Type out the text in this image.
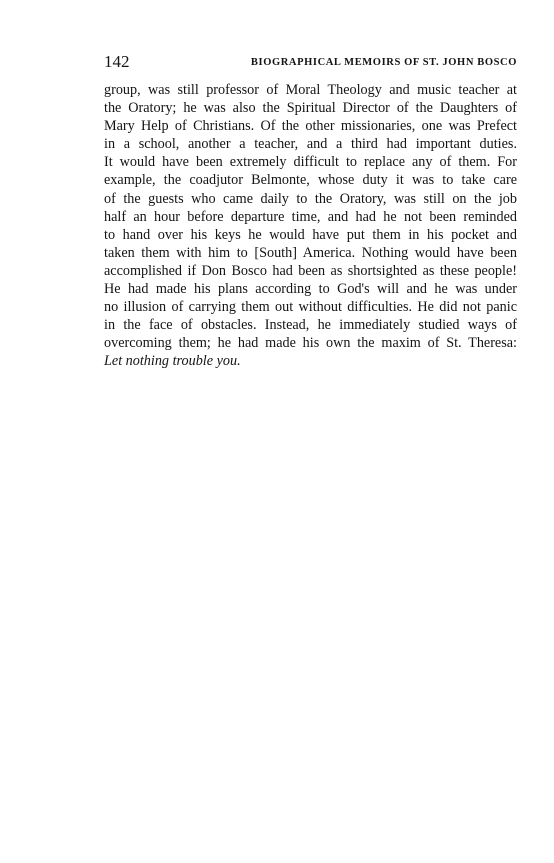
142	BIOGRAPHICAL MEMOIRS OF ST. JOHN BOSCO
group, was still professor of Moral Theology and music teacher at
the Oratory; he was also the Spiritual Director of the Daughters of
Mary Help of Christians. Of the other missionaries, one was Prefect
in a school, another a teacher, and a third had important duties.
It would have been extremely difficult to replace any of them. For
example, the coadjutor Belmonte, whose duty it was to take care
of the guests who came daily to the Oratory, was still on the job
half an hour before departure time, and had he not been reminded
to hand over his keys he would have put them in his pocket and
taken them with him to [South] America. Nothing would have been
accomplished if Don Bosco had been as shortsighted as these people!
He had made his plans according to God's will and he was under
no illusion of carrying them out without difficulties. He did not panic
in the face of obstacles. Instead, he immediately studied ways of
overcoming them; he had made his own the maxim of St. Theresa:
Let nothing trouble you.
